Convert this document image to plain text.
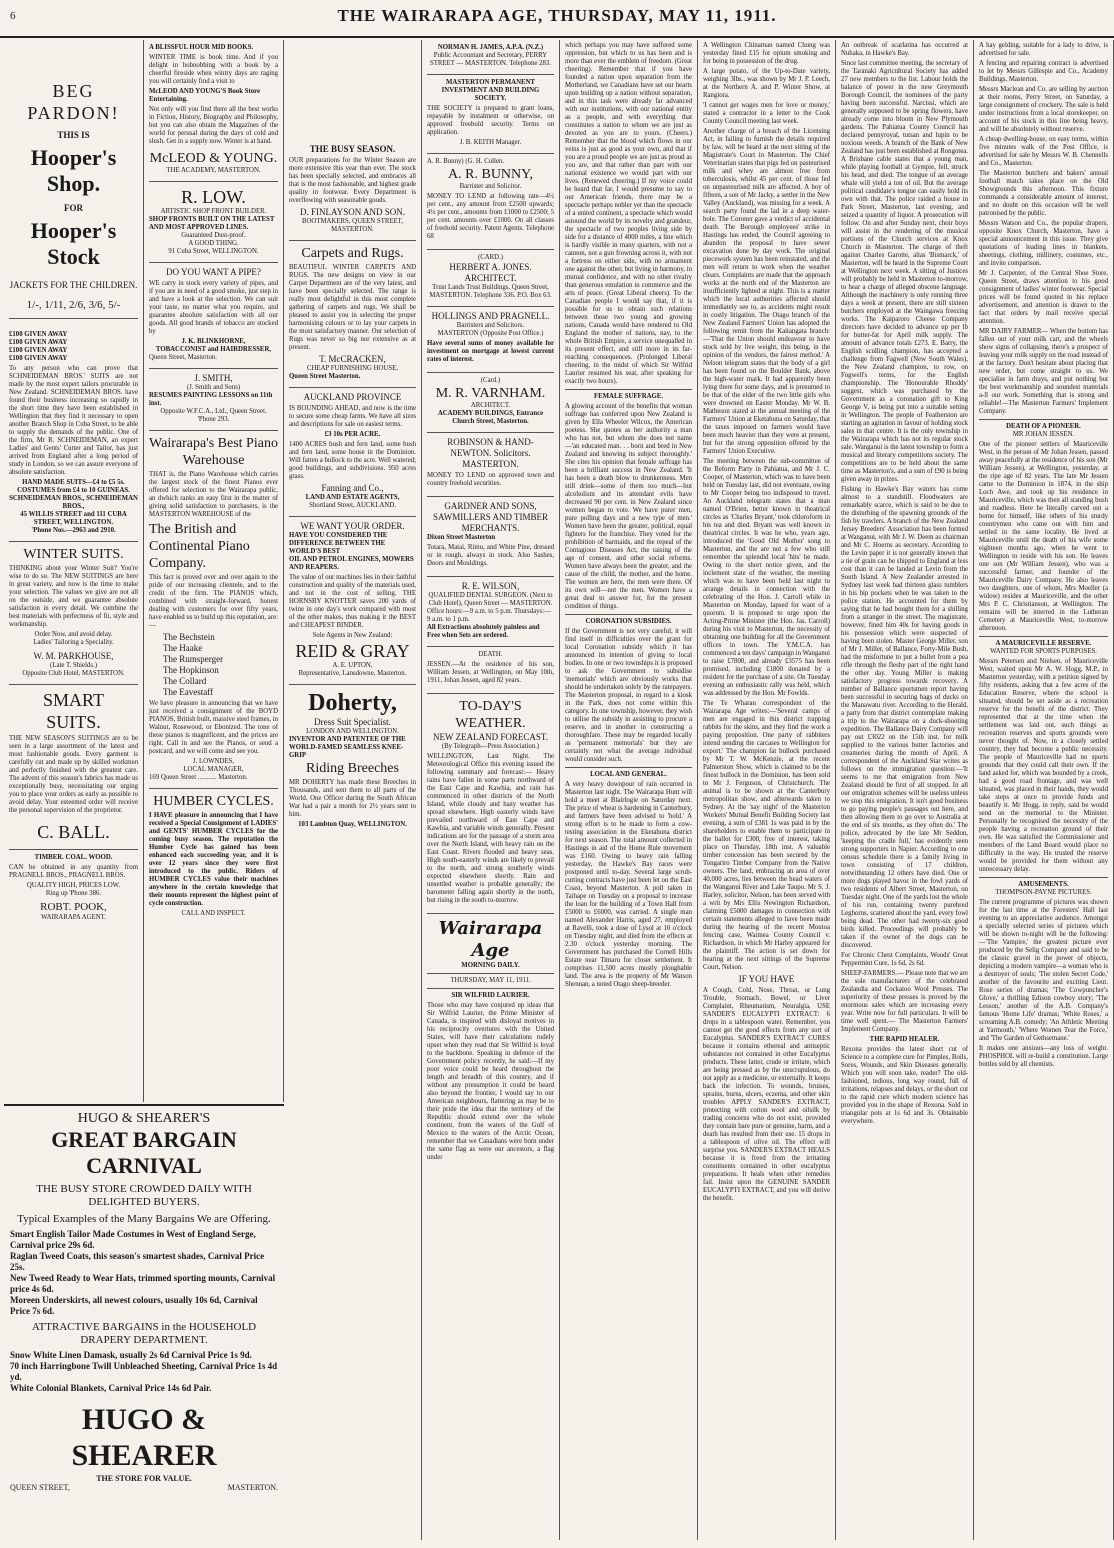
6	THE WAIRARAPA AGE, THURSDAY, MAY 11, 1911.
BEG PARDON!
THIS IS
Hooper's Shop.
FOR
Hooper's Stock
JACKETS FOR THE CHILDREN.
1/-, 1/11, 2/6, 3/6, 5/-
£100 GIVEN AWAY
£100 GIVEN AWAY
£100 GIVEN AWAY
£100 GIVEN AWAY

To any person who can prove that SCHNEIDEMAN BROS.' SUITS are not made by the most expert tailors procurable in New Zealand. SCHNEIDEMAN BROS. have found their business increasing so rapidly in the short time they have been established in Wellington that they find it necessary to open another Branch Shop in Cuba Street, to be able to supply the demands of the public. One of the firm, Mr R. SCHNEIDEMAN, an expert Ladies' and Gents' Cutter and Tailor, has just arrived from England after a long period of study in London, so we can assure everyone of absolute satisfaction.

HAND MADE SUITS—£4 to £5 5s. COSTUMES from £4 to 10 GUINEAS.
SCHNEIDEMAN BROS., SCHNEIDEMAN BROS.,
45 WILLIS STREET and 111 CUBA STREET, WELLINGTON.
'Phone Nos.—2963 and 2910.
WINTER SUITS.

THINKING about your Winter Suit? You're wise to do so. The NEW SUITINGS are here in great variety, and now is the time to make your selection. The values we give are not all on the outside, and we guarantee absolute satisfaction in every detail. We combine the best materials with perfectness of fit, style and workmanship.

Order Now, and avoid delay.
Ladies' Tailoring a Speciality.
W. M. PARKHOUSE,
(Late T. Shields.)
Opposite Club Hotel, MASTERTON.
SMART
SUITS.

THE NEW SEASON'S SUITINGS are to be seen in a large assortment of the latest and most fashionable goods. Every garment is carefully cut and made up by skilled workmen and perfectly finished with the greatest care. The advent of this season's fabrics has made us exceptionally busy, necessitating our urging you to place your orders as early as possible to avoid delay. Your esteemed order will receive the personal supervision of the proprietor.

C. BALL.
TIMBER. COAL. WOOD.

CAN be obtained in any quantity from PRAGNELL BROS., PRAGNELL BROS.

QUALITY HIGH, PRICES LOW.
Ring up 'Phone 386.
ROBT. POOK,
WAIRARAPA AGENT.
A BLISSFUL HOUR MID BOOKS.

WINTER TIME is book time. And if you delight in hobnobbing with a book by a cheerful fireside when wintry days are raging you will certainly find a visit to

McLEOD AND YOUNG'S Book Store Entertaining.

Not only will you find there all the best works in Fiction, History, Biography and Philosophy, but you can also obtain the Magazines of the world for perusal during the days of cold and slush. Get in a supply now. Winter is at hand.

McLEOD & YOUNG.
THE ACADEMY, MASTERTON.
R. LOW.
ARTISTIC SHOP FRONT BUILDER.
SHOP FRONTS BUILT ON THE LATEST AND MOST APPROVED LINES.
Guaranteed Dust-proof.
A GOOD THING.
91 Cuba Street, WELLINGTON.
DO YOU WANT A PIPE?

WE carry in stock every variety of pipes, and if you are in need of a good smoke, just step in and have a look at the selection. We can suit your taste, no matter what you require, and guarantee absolute satisfaction with all our goods. All good brands of tobacco are stocked by

J. K. BLINKHORNE,
TOBACCONIST and HAIRDRESSER,
Queen Street, Masterton.
J. SMITH,
(J. Smith and Sons)
RESUMES PAINTING LESSONS on 11th inst.
Opposite W.F.C.A., Ltd., Queen Street.
'Phone 293.
Wairarapa's Best Piano Warehouse

THAT is, the Piano Warehouse which carries the largest stock of the finest Pianos ever offered for selection to the Wairarapa public, an dwhich ranks an easy first in the matter of giving solid satisfaction to purchasers, is the MASTERTON WAREHOUSE of the

The British and Continental Piano Company.

This fact is proved over and over again to the pride of our increasing clientele, and to the credit of the firm. The PIANOS which, combined with straight-forward, honest dealing with customers for over fifty years, have enabled us to build up this reputation, are:—

The Bechstein
The Haake
The Rumsperger
The Hopkinson
The Collard
The Eavestaff

We have pleasure in announcing that we have just received a consignment of the BOYD PIANOS, British built, massive steel frames, in Walnut, Rosewood, or Ebonized. The tone of these pianos is magnificent, and the prices are right. Call in and see the Pianos, or send a postcard, and we will come and see you.

J. LOWNDES,
LOCAL MANAGER,
169 Queen Street ........... Masterton.
HUMBER CYCLES.

I HAVE pleasure in announcing that I have received a Special Consignment of LADIES' and GENTS' HUMBER CYCLES for the coming busy season. The reputation the Humber Cycle has gained has been enhanced each succeeding year, and it is over 12 years since they were first introduced to the public. Riders of HUMBER CYCLES value their machines anywhere in the certain knowledge that their mounts represent the highest point of cycle construction.

CALL AND INSPECT.
THE BUSY SEASON.

OUR preparations for the Winter Season are more extensive this year than ever. The stock has been specially selected, and embraces all that is the most fashionable, and highest grade quality in footwear. Every Department is overflowing with seasonable goods.

D. FINLAYSON AND SON.
BOOTMAKERS, QUEEN STREET, MASTERTON.
Carpets and Rugs.

BEAUTIFUL WINTER CARPETS AND RUGS. The new designs on view in our Carpet Department are of the very latest, and have been specially selected. The range is really most delightful in this most complete gathering of carpets and rugs. We shall be pleased to assist you in selecting the proper harmonising colours or to lay your carpets in the most satisfactory manner. Our selection of Rugs was never so big nor extensive as at present.

T. McCRACKEN,
CHEAP FURNISHING HOUSE,
Queen Street Masterton.
AUCKLAND PROVINCE

IS BOUNDING AHEAD, and now is the time to secure some cheap farms. We have all sizes and descriptions for sale on easiest terms.

£3 10s PER ACRE.

1400 ACRES bush and fern land, some bush and fern land, some house in the Dominion. Will fatten a bullock to the acre. Well watered; good buildings, and subdivisions. 950 acres grass.

Fanning and Co.,
LAND AND ESTATE AGENTS,
Shortland Street, AUCKLAND.
WE WANT YOUR ORDER.
HAVE YOU CONSIDERED THE DIFFERENCE BETWEEN THE WORLD'S BEST
OIL AND PETROL ENGINES, MOWERS AND REAPERS.

The value of our machines lies in their faithful construction and quality of the materials used, and not in the cost of selling. THE HORNSBY KNOTTER saves 200 yards of twine in one day's work compared with most of the other makes, thus making it the BEST and CHEAPEST BINDER.

Sole Agents in New Zealand:
REID & GRAY
A. E. UPTON,
Representative, Lansdowne, Masterton.
Doherty,
Dress Suit Specialist.
LONDON AND WELLINGTON.
INVENTOR AND PATENTEE OF THE WORLD-FAMED SEAMLESS KNEE-GRIP
Riding Breeches

MR DOHERTY has made these Breeches in Thousands, and sent them to all parts of the World. One Officer during the South African War had a pair a month for 2½ years sent to him.

103 Lambton Quay, WELLINGTON.
NORMAN H. JAMES, A.P.A. (N.Z.)
Public Accountant and Secretary, PERRY STREET — MASTERTON. Telephone 283.
MASTERTON PERMANENT INVESTMENT AND BUILDING SOCIETY.

THE SOCIETY is prepared to grant loans, repayable by instalment or otherwise, on approved freehold security. Terms on application.

J. B. KEITH Manager.
A. R. Bunny) (G. H. Cullen.
A. R. BUNNY,
Barrister and Solicitor.

MONEY TO LEND at following rate—4½ per cent., any amount from £2500 upwards; 4½ per cent., amounts from £1000 to £2500; 5 per cent. amounts over £1000. On all classes of freehold security. Patent Agents. Telephone 68

(CARD.)
HERBERT A. JONES. ARCHITECT.
Trust Lands Trust Buildings, Queen Street, MASTERTON. Telephone 336. P.O. Box 63.
HOLLINGS AND PRAGNELL.
Barristers and Solicitors.
MASTERTON (Opposite Post Office.)

Have several sums of money available for investment on mortgage at lowest current rates of interest.

(Card.)
M. R. VARNHAM.
ARCHITECT.
ACADEMY BUILDINGS, Entrance Church Street, Masterton.
ROBINSON & HAND-NEWTON. Solicitors. MASTERTON.

MONEY TO LEND on approved town and country freehold securities.

GARDNER AND SONS, SAWMILLERS AND TIMBER MERCHANTS.
Dixon Street Masterton

Totara, Matai, Rimu, and White Pine, dressed or in rough, always in stock. Also Sashes, Doors and Mouldings.

R. E. WILSON,
QUALIFIED DENTAL SURGEON. (Next to Club Hotel), Queen Street — MASTERTON.
Office hours:—9 a.m. to 5 p.m. Thursdays:—9 a.m. to 1 p.m.
All Extractions absolutely painless and Free when Sets are ordered.
DEATH.

JESSEN.—At the residence of his son, William Jessen, at Wellington, on May 10th, 1911, Johan Jessen, aged 82 years.

TO-DAY'S WEATHER.
NEW ZEALAND FORECAST.
(By Telegraph—Press Association.)

WELLINGTON, Last Night. The Meteorological Office this evening issued the following summary and forecast:— Heavy rains have fallen in some parts northward of the East Cape and Kawhia, and rain has commenced in other districts of the North Island, while cloudy and hazy weather has spread elsewhere. High easterly winds have prevailed northward of East Cape and Kawhia, and variable winds generally. Present indications are for the passage of a storm area over the North Island, with heavy rain on the East Coast. Rivers flooded and heavy seas. High south-easterly winds are likely to prevail to the north, and strong southerly winds expected elsewhere shortly. Rain and unsettled weather is probable generally; the barometer falling again shortly in the north, but rising in the south to-morrow.

Wairarapa Age
MORNING DAILY.
THURSDAY, MAY 11, 1911.
SIR WILFRID LAURIER.

Those who may have conjured up ideas that Sir Wilfrid Laurier, the Prime Minister of Canada, is inspired with disloyal motives in his reciprocity overtures with the United States, will have their calculations rudely upset when they read that Sir Wilfrid is loyal to the backbone. Speaking in defence of the Government policy recently, he said:—If my poor voice could be heard throughout the length and breadth of this country, and if without any presumption it could be heard also beyond the frontier, I would say to our American neighbours, flattering as may be to their pride the idea that the territory of the Republic should extend over the whole continent, from the waters of the Gulf of Mexico to the waters of the Arctic Ocean, remember that we Canadians were born under the same flag as were our ancestors, a flag under

which perhaps you may have suffered some oppression, but which to us has been and is more than ever the emblem of freedom. (Great cheering). Remember that if you have founded a nation upon separation from the Motherland, we Canadians have set our hearts upon building up a nation without separation, and in this task were already far advanced with our institutions, with our national entity as a people, and with everything that constitutes a nation to whom we are just as devoted as you are to yours. (Cheers.) Remember that the blood which flows in our veins is just as good as your own, and that if you are a proud people we are just as proud as you are, and that rather than part with our national existence we would part with our lives. (Renewed cheering.) If my voice could be heard that far, I would presume to say to our American friends, there may be a spectacle perhaps nobler yet than the spectacle of a united continent, a spectacle which would astound the world by its novelty and grandeur, the spectacle of two peoples living side by side for a distance of 4000 miles, a line which is hardly visible in many quarters, with not a cannon, not a gun frowning across it, with not a fortress on either side, with no armament one against the other, but living in harmony, in mutual confidence, and with no other rivalry than generous emulation in commerce and the arts of peace. (Great Liberal cheers). To the Canadian people I would say that, if it is possible for us to obtain such relations between those two young and growing nations, Canada would have rendered to Old England the mother of nations, nay, to the whole British Empire, a service unequalled in its present effect, and still more in its far-reaching consequences. (Prolonged Liberal cheering, in the midst of which Sir Wilfrid Laurier resumed his seat, after speaking for exactly two hours).

FEMALE SUFFRAGE.

A glowing account of the benefits that woman suffrage has conferred upon New Zealand is given by Ella Wheeler Wilcox, the American poetess. She quotes as her authority a man who has not, but whom she does not name—'an educated man. . . born and bred in New Zealand and knowing its subject thoroughly.' She cites his opinion that female suffrage has been a brilliant success in New Zealand. 'It has been a death blow to drunkenness. Men still drink—some of them too much—but alcoholism and its attendant evils have decreased 90 per cent. in New Zealand since women began to vote. We have purer men, pure polling days and a new type of men.' Women have been the greater, political, equal fighters for the franchise. They voted for the prohibition of barmaids, and the repeal of the Contagious Diseases Act, the raising of the age of consent, and other social reforms. Women have always been the greater, and the cause of the child, the mother, and the home. The women are here, the men were there. Of its own will—not the men. Women have a great deal to answer for, for the present condition of things.

CORONATION SUBSIDIES.

If the Government is not very careful, it will find itself in difficulties over the grant for local Coronation subsidy which it has announced its intention of giving to local bodies. In one or two townships it is proposed to ask the Government to subsidise 'memorials' which are obviously works that should be undertaken solely by the ratepayers. The Masterton proposal, in regard to a kiosk in the Park, does not come within this category. In one township, however, they wish to utilise the subsidy in assisting to procure a reserve, and in another in constructing a thoroughfare. These may be regarded locally as 'permanent memorials' but they are certainly not what the average individual would consider such.

LOCAL AND GENERAL.

A very heavy downpour of rain occurred in Masterton last night. The Wairarapa Hunt will hold a meet at Blairlogie on Saturday next. The price of wheat is hardening in Canterbury, and farmers have been advised to 'hold.' A strong effort is to be made to form a cow-testing association in the Eketahuna district for next season. The total amount collected in Hastings in aid of the Home Rule movement was £160. Owing to heavy rain falling yesterday, the Hawke's Bay races were postponed until to-day. Several large scrub-cutting contracts have just been let on the East Coast, beyond Masterton. A poll taken in Taihape on Tuesday on a proposal to increase the loan for the building of a Town Hall from £5000 to £6000, was carried. A single man named Alexander Harris, aged 27, employed at Ravelli, took a dose of Lysol at 10 o'clock on Tuesday night, and died from the effects at 2.30 o'clock yesterday morning. The Government has purchased the Cornell Hills Estate near Timaru for closer settlement. It comprises 11,500 acres mostly ploughable land. The area is the property of Mr Watson Shennan, a noted Otago sheep-breeder.

A Wellington Chinaman named Chung was yesterday fined £15 for opium smoking and for being in possession of the drug.

A large potato, of the Up-to-Date variety, weighing 3lbs., was shown by Mr J. P. Leech, at the Northern A. and P. Winter Show, at Rangiora.

'I cannot get wages men for love or money,' stated a contractor in a letter to the Cook County Council meeting last week.

Another charge of a breach of the Licensing Act, in failing to furnish the details required by law, will be heard at the next sitting of the Magistrate's Court in Masterton. The Chief Veterinarian states that pigs fed on pasteurised milk and whey are almost free from tuberculosis, whilst 45 per cent. of those fed on unpasteurised milk are affected. A boy of fifteen, a son of Mr Jacky, a settler in the New Valley (Auckland), was missing for a week. A search party found the lad in a deep water-hole. The Coroner gave a verdict of accidental death. The Borough employees' strike in Hastings has ended, the Council agreeing to abandon the proposal to have sewer excavation done by day work. The original piecework system has been reinstated, and the men will return to work when the weather clears. Complaints are made that the approach works at the north end of the Masterton are insufficiently lighted at night. This is a matter which the local authorities affected should immediately see to, as accidents might result in costly litigation. The Otago branch of the New Zealand Farmers' Union has adopted the following remit from the Kaitangata branch:—'That the Union should endeavour to have stock sold by live weight, this being, in the opinion of the vendors, the fairest method.' A Nelson telegram states that the body of a girl has been found on the Boulder Bank, above the high-water mark. It had apparently been lying there for some days, and is presumed to be that of the elder of the two little girls who were drowned on Easter Monday. Mr W. B. Matheson stated at the annual meeting of the Farmers' Union at Eketahuna on Saturday, that the taxes imposed on farmers would have been much heavier than they were at present, but for the strong opposition offered by the Farmers' Union Executive.

The meeting between the sub-committee of the Reform Party in Pahiatua, and Mr J. C. Cooper, of Masterton, which was to have been held on Tuesday last, did not eventuate, owing to Mr Cooper being too indisposed to travel. An Auckland telegram states that a man named O'Brien, better known in theatrical circles as 'Charles Bryant,' took chloroform in his tea and died. Bryant was well known in theatrical circles. It was he who, years ago, introduced the 'Good Old Mother' song to Masterton, and the are not a few who still remember the splendid local 'hits' he made. Owing to the short notice given, and the inclement state of the weather, the meeting which was to have been held last night to arrange details in connection with the celebrating of the Hon. J. Carroll while in Masterton on Monday, lapsed for want of a quorum. It is proposed to urge upon the Acting-Prime Minister (the Hon. Jas. Carroll) during his visit to Masterton, the necessity of obtaining one building for all the Government offices in town. The Y.M.C.A. has commenced a ten days' campaign in Wanganui to raise £7800, and already £3575 has been promised, including £1800 donated by a resident for the purchase of a site. On Tuesday evening an enthusiastic rally was held, which was addressed by the Hon. Mr Fowlds.

The Te Wharau correspondent of the Wairarapa Age writes:—'Several camps of men are engaged in this district trapping rabbits for the skins, and they find the work a paying proposition. One party of rabbiters intend sending the carcases to Wellington for export.' The champion fat bullock purchased by Mr T. W. McKenzie, at the recent Palmerston Show, which is claimed to be the finest bullock in the Dominion, has been sold to Mr J. Ferguson, of Christchurch. The animal is to be shown at the Canterbury metropolitan show, and afterwards taken to Sydney. At the 'say night' of the Masterton Workers' Mutual Benefit Building Society last evening, a sum of £381 1s was paid in by the shareholders to enable them to participate in the ballot for £300, free of interest, taking place on Thursday, 18th inst. A valuable timber concession has been secured by the Tongariro Timber Company from the Native owners. The land, embracing an area of over 40,000 acres, lies between the head waters of the Wanganui River and Lake Taupo. Mr S. J. Harley, solicitor, Nelson, has been served with a writ by Mrs Ellis Newington Richardson, claiming £5000 damages in connection with certain statements alleged to have been made during the hearing of the recent Moutoa fencing case, Waimea County Council v. Richardson, in which Mr Harley appeared for the plaintiff. The action is set down for hearing at the next sittings of the Supreme Court, Nelson.

IF YOU HAVE

A Cough, Cold, Nose, Throat, or Lung Trouble, Stomach, Bowel, or Liver Complaint, Rheumatism, Neuralgia, USE SANDER'S EUCALYPTI EXTRACT: 6 drops in a tablespoon water. Remember, you cannot get the good effects from any sort of Eucalyptus. SANDER'S EXTRACT CURES because it contains ethereal and antiseptic substances not contained in other Eucalyptus products. These latter, crude or irritate, which are being pressed as by the unscrupulous, do not apply as a medicine, or externally. It keeps back the infection. To wounds, bruises, sprains, burns, ulcers, eczema, and other skin troubles APPLY SANDER'S EXTRACT, protecting with cotton wool and oilsilk by trading concerns who do not exist, provided they contain bare pure or genuine, harm, and a death has resulted from their use. 15 drops in a tablespoon of olive oil. The effect will surprise you. SANDER'S EXTRACT HEALS because it is freed from the irritating constituents contained in other eucalyptus preparations. It heals when other remedies fail. Insist upon the GENUINE SANDER EUCALYPTI EXTRACT, and you will derive the benefit.

An outbreak of scarlatina has occurred at Nuhaka, in Hawke's Bay.

Since last committee meeting, the secretary of the Taranaki Agricultural Society has added 27 new members to the list. Labour holds the balance of power in the new Greymouth Borough Council, the nominees of the party having been successful. Narcissi, which are generally supposed to be spring flowers, have already come into bloom in New Plymouth gardens. The Pahiatua County Council has declared pennyroyal, tutsan and lupin to be noxious weeds. A branch of the Bank of New Zealand has just been established at Rongotea. A Brisbane cable states that a young man, while playing football at Gympie, fell, struck his head, and died. The tongue of an average whale will yield a ton of oil. But the average political candidate's tongue can easily hold its own with that. The police raided a house in Park Street, Masterton, last evening, and seized a quantity of liquor. A prosecution will follow. On and after Sunday next, choir boys will assist in the rendering of the musical portions of the Church services at Knox Church in Masterton. The charge of theft against Charles Garotte, alias 'Bismarck,' of Masterton, will be heard in the Supreme Court at Wellington next week. A sitting of Justices will probably be held in Masterton to-morrow, to hear a charge of alleged obscene language. Although the machinery is only running three days a week at present, there are still sixteen butchers employed at the Waingawa freezing works. The Kaiparoro Cheese Company directors have decided to advance up per lb for butter-fat for April milk supply. The amount of advance totals £273. E. Barry, the English sculling champion, has accepted a challenge from Fagwell (New South Wales), the New Zealand champion, to row, on Fogwell's terms, for the English championship. The 'Honourable Rhoddy' suggest, which was purchased by the Government as a coronation gift to King George V, is being put into a suitable setting in Wellington. The people of Featherston are starting an agitation in favour of holding stock sales in that centre. It is the only township in the Wairarapa which has not its regular stock sale. Wanganui is the latest township to form a musical and literary competitions society. The competitions are to be held about the same time as Masterton's, and a sum of £90 is being given away in prizes.

Fishing in Hawke's Bay waters has come almost to a standstill. Floodwaters are remarkably scarce, which is said to be due to the disturbing of the spawning grounds of the fish by trawlers. A branch of the New Zealand Jersey Breeders' Association has been formed at Wanganui, with Mr J. W. Deem as chairman and Mr C. Hoerns as secretary. According to the Levin paper it is not generally known that a tie of grain can be shipped to England at less cost than it can be landed at Levin from the South Island. A New Zealander arrested in Sydney last week had thirteen glass tumblers in his hip pockets when he was taken to the police station. He accounted for them by saying that he had bought them for a shilling from a stranger in the street. The magistrate, however, fined him 40s for having goods in his possession which were suspected of having been stolen. Master George Miller, son of Mr J. Miller, of Ballance, Forty-Mile Bush, had the misfortune to put a bullet from a pea rifle through the fleshy part of the right hand the other day. Young Miller is making satisfactory progress towards recovery. A number of Ballance sportsmen report having been successful in securing bags of ducks on the Manawatu river. According to the Herald, a party from that district contemplate making a trip to the Wairarapa on a duck-shooting expedition. The Ballance Dairy Company will pay out £3022 on the 15th inst. for milk supplied to the various butter factories and creameries during the month of April. A correspondent of the Auckland Star writes as follows on the immigration question:—'It seems to me that emigration from New Zealand should be first of all stopped. In all our emigration schemes will be useless unless we stop this emigration. It isn't good business to go paying people's passages out here, and then allowing them to go over to Australia at the end of six months, as they often do.' The police, advocated by the late Mr Seddon, 'keeping the cradle full,' has evidently seen strong supporters in Napier. According to one census schedule there is a family living in town consisting of 17 children, notwithstanding 12 others have died. One or more dogs played havoc in the fowl yards of two residents of Albert Street, Masterton, on Tuesday night. One of the yards lost the whole of his run, containing twenty purebred Leghorns, scattered about the yard, every fowl being dead. The other had twenty-six good birds killed. Proceedings will probably be taken if the owner of the dogs can be discovered.

For Chronic Chest Complaints, Woods' Great Peppermint Cure, 1s 6d, 2s 6d.

SHEEP-FARMERS.— Please note that we are the sole manufacturers of the celebrated Zealandia and Cockatoo Wool Presses. The superiority of these presses is proved by the enormous sales which are increasing every year. Write now for full particulars. It will be time well spent.— The Masterton Farmers' Implement Company.

THE RAPID HEALER.

Rexona provides the latest short cut of Science to a complete cure for Pimples, Boils, Sores, Wounds, and Skin Diseases generally. Which you will soon take, reader? The old-fashioned, tedious, long way round, full of irritations, relapses and delays, or the short cut to the rapid cure which modern science has provided you in the shape of Rexona. Sold in triangular pots at 1s 6d and 3s. Obtainable everywhere.

A hay gelding, suitable for a lady to drive, is advertised for sale.

A fencing and repairing contract is advertised to let by Messrs Gillespie and Co., Academy Buildings, Masterton.

Messrs Maclean and Co. are selling by auction at their rooms, Perry Street, on Saturday, a large consignment of crockery. The sale is held under instructions from a local storekeeper, on account of his stock in this line being heavy, and will be absolutely without reserve.

A cheap dwelling-house, on easy terms, within five minutes walk of the Post Office, is advertised for sale by Messrs W. B. Chennells and Co., Masterton.

The Masterton butchers and bakers' annual football match takes place on the Old Showgrounds this afternoon. This fixture commands a considerable amount of interest, and no doubt on this occasion will be well patronised by the public.

Messrs Watson and Co., the popular drapers, opposite Knox Church, Masterton, have a special announcement in this issue. They give quotations of leading lines in blankets, sheetings, clothing, millinery, costumes, etc., and invite comparison.

Mr J. Carpenter, of the Central Shoe Store, Queen Street, draws attention to his good consignment of ladies' winter footwear. Special prices will be found quoted in his replace advertisement, and attention is drawn to the fact that orders by mail receive special attention.

MR DAIRY FARMER— When the bottom has fallen out of your milk cart, and the wheels show signs of collapsing, there's a prospect of leaving your milk supply on the road instead of at the factory. Don't hesitate about placing that new order, but come straight to us. We specialise in farm drays, and put nothing but the best workmanship and soundest materials a-ll our work. Something that is strong and reliable!—The Masterton Farmers' Implement Company.

DEATH OF A PIONEER.
MR JOHAN JESSEN.

One of the pioneer settlers of Mauriceville West, in the person of Mr Johan Jessen, passed away peacefully at the residence of his son (Mr William Jessen), at Wellington, yesterday, at the ripe age of 82 years. The late Mr Jessen came to the Dominion in 1874, in the ship Loch Awe, and took up his residence in Mauriceville, which was then all standing bush and roadless. Here he literally carved out a home for himself, like others of his sturdy countrymen who came out with him and settled in the same locality. He lived at Mauriceville until the death of his wife some eighteen months ago, when he went to Wellington to reside with his son. He leaves one son (Mr William Jessen), who was a successful farmer, and founder of the Mauriceville Dairy Company. He also leaves two daughters, one of whom, Mrs Moeller (a widow) resides at Mauriceville, and the other Mrs P. C. Christianson, at Wellington. The remains will be interred in the Lutheran Cemetery at Mauriceville West, to-morrow afternoon.

A MAURICEVILLE RESERVE.
WANTED FOR SPORTS PURPOSES.

Messrs Petersen and Nielsen, of Mauriceville West, waited upon Mr A. W. Hogg, M.P., in Masterton yesterday, with a petition signed by fifty residents, asking that a few acres of the Education Reserve, where the school is situated, should be set aside as a recreation reserve for the benefit of the district. They represented that at the time when the settlement was laid out, such things as recreation reserves and sports grounds were never thought of. Now, in a closely settled country, they had become a public necessity. The people of Mauriceville had no sports grounds that they could call their own. If the land asked for, which was bounded by a creek, had a good road frontage, and was well situated, was placed in their hands, they would take steps at once to provide funds and beautify it. Mr Hogg, in reply, said he would send on the memorial to the Minister. Personally he recognised the necessity of the people having a recreation ground of their own. He was satisfied the Commissioner and members of the Land Board would place no difficulty in the way. He trusted the reserve would be provided for them without any unnecessary delay.

AMUSEMENTS.
THOMPSON-PAYNE PICTURES.

The current programme of pictures was shown for the last time at the Foresters' Hall last evening to an appreciative audience. Amongst a specially selected series of pictures which will be shown to-night will be the following:—'The Vampire,' the greatest picture ever produced by the Selig Company and said to be the classic gravel in the power of objects, depicting a modern vampire—a woman who is a destroyer of souls; 'The stolen Secret Code,' another of the favourite and exciting Lieut. Rose series of dramas; 'The Cowpuncher's Glove,' a thrilling Edison cowboy story; 'The Lesson,' another of the A.B. Company's famous 'Home Life' dramas; 'White Roses,' a screaming A.B. comedy; 'An Athletic Meeting at Yarmouth,' 'Where Women Tear the Force,' and 'The Garden of Gethsemane.'

It makes one anxious—any loss of weight. PHOSPHOL will re-build a constitution. Large bottles sold by all chemists.

HUGO & SHEARER'S
GREAT BARGAIN CARNIVAL
THE BUSY STORE CROWDED DAILY WITH DELIGHTED BUYERS.
Typical Examples of the Many Bargains We are Offering.
Smart English Tailor Made Costumes in West of England Serge, Carnival price 29s 6d.
Raglan Tweed Coats, this season's smartest shades, Carnival Price 25s.
New Tweed Ready to Wear Hats, trimmed sporting mounts, Carnival price 4s 6d.
Moreen Underskirts, all newest colours, usually 10s 6d, Carnival Price 7s 6d.
ATTRACTIVE BARGAINS in the HOUSEHOLD DRAPERY DEPARTMENT.
Snow White Linen Damask, usually 2s 6d Carnival Price 1s 9d.
70 inch Harringbone Twill Unbleached Sheeting, Carnival Price 1s 4d yd.
White Colonial Blankets, Carnival Price 14s 6d Pair.
HUGO & SHEARER
THE STORE FOR VALUE.
QUEEN STREET,	MASTERTON.
